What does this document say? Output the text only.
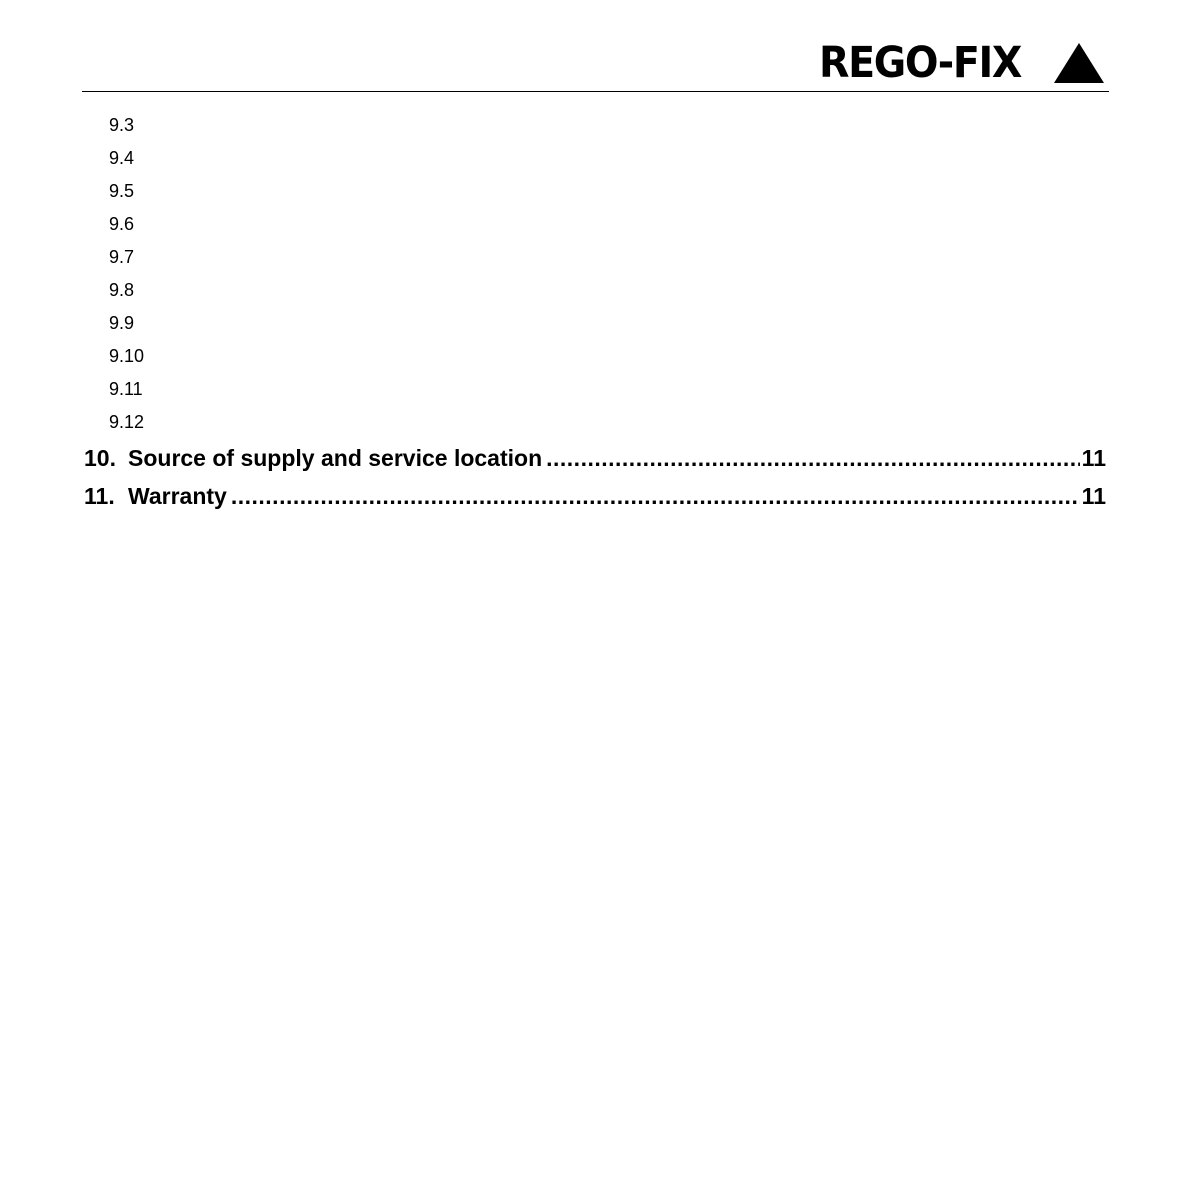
REGO-FIX
9.3
9.4
9.5
9.6
9.7
9.8
9.9
9.10
9.11
9.12
10. Source of supply and service location .....	11
11. Warranty .....	11
